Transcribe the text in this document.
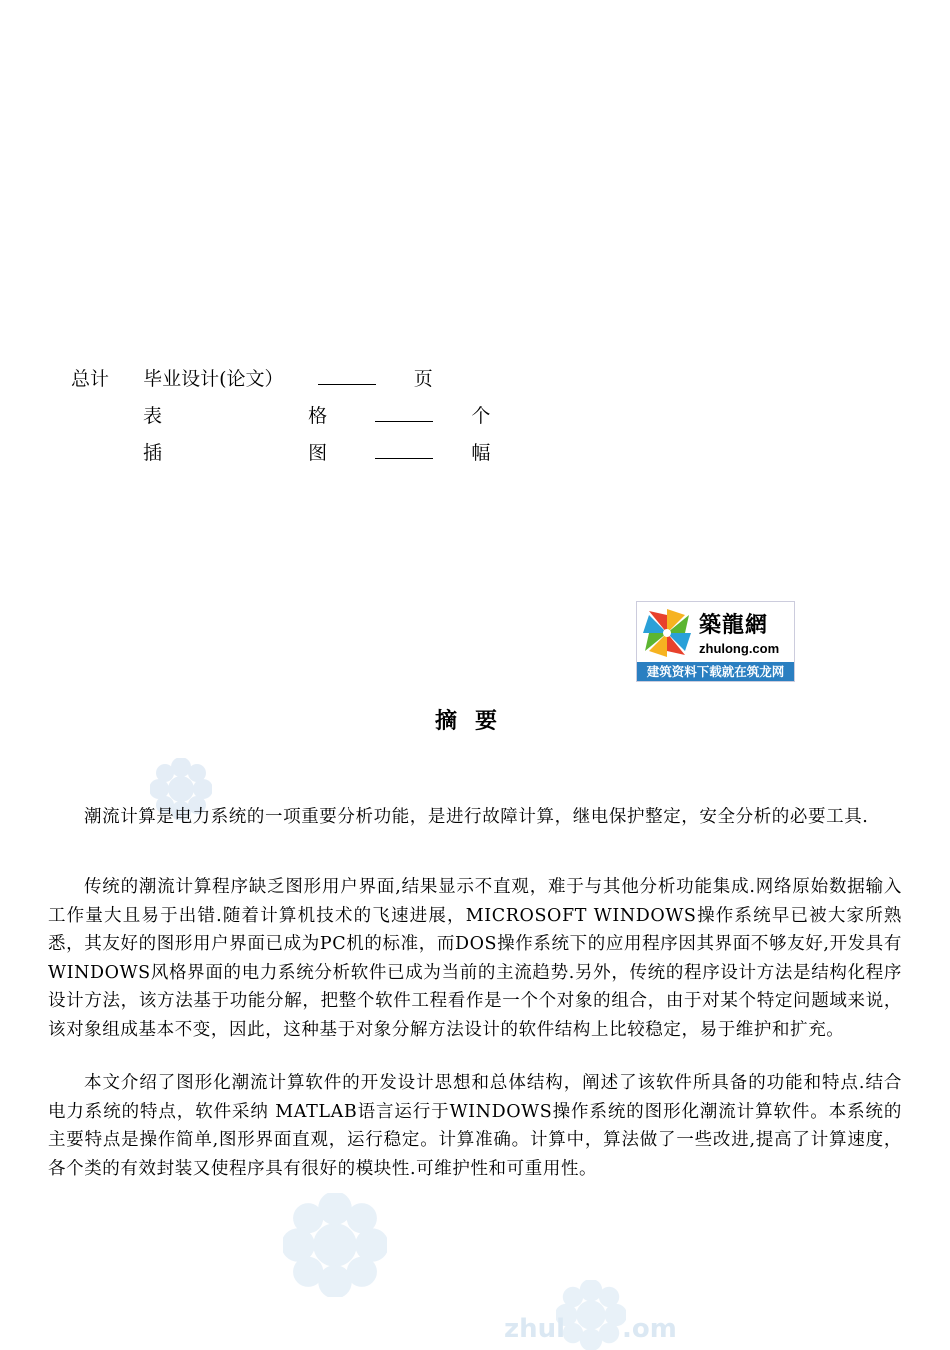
zhul .om
总计 毕业设计(论文）	页
表	格	个
插	图	幅
築龍網
zhulong.com
建筑资料下载就在筑龙网
摘要

潮流计算是电力系统的一项重要分析功能，是进行故障计算，继电保护整定，安全分析的必要工具.

传统的潮流计算程序缺乏图形用户界面,结果显示不直观，难于与其他分析功能集成.网络原始数据输入工作量大且易于出错.随着计算机技术的飞速进展，MICROSOFT WINDOWS操作系统早已被大家所熟悉，其友好的图形用户界面已成为PC机的标准，而DOS操作系统下的应用程序因其界面不够友好,开发具有WINDOWS风格界面的电力系统分析软件已成为当前的主流趋势.另外，传统的程序设计方法是结构化程序设计方法，该方法基于功能分解，把整个软件工程看作是一个个对象的组合，由于对某个特定问题域来说，该对象组成基本不变，因此，这种基于对象分解方法设计的软件结构上比较稳定，易于维护和扩充。

本文介绍了图形化潮流计算软件的开发设计思想和总体结构，阐述了该软件所具备的功能和特点.结合电力系统的特点，软件采纳 MATLAB语言运行于WINDOWS操作系统的图形化潮流计算软件。本系统的主要特点是操作简单,图形界面直观，运行稳定。计算准确。计算中，算法做了一些改进,提高了计算速度，各个类的有效封装又使程序具有很好的模块性.可维护性和可重用性。
